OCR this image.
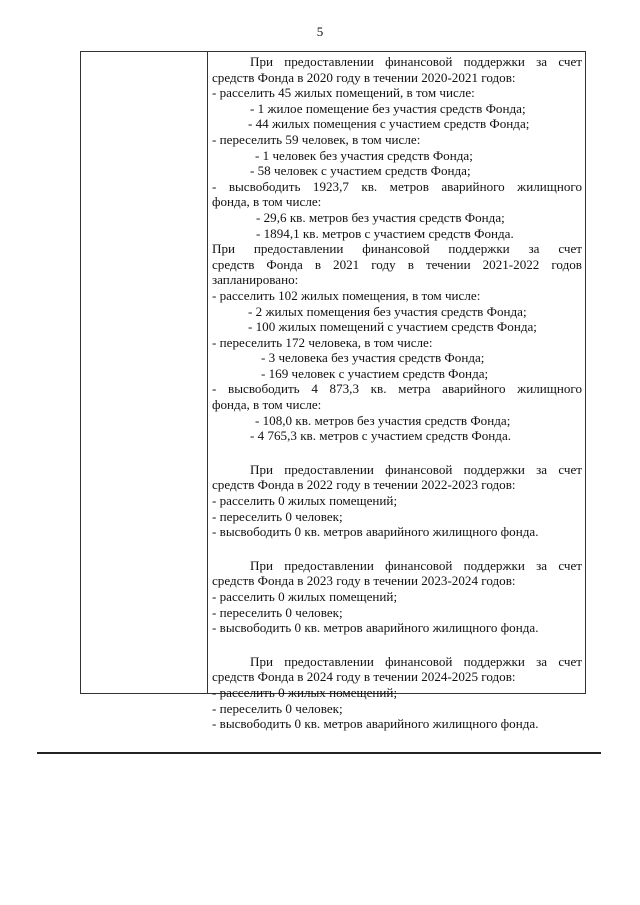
5
При предоставлении финансовой поддержки за счет
средств Фонда в 2020 году в течении 2020-2021 годов:
- расселить 45 жилых помещений, в том числе:
- 1 жилое помещение без участия средств Фонда;
- 44 жилых помещения с участием средств Фонда;
- переселить 59 человек, в том числе:
- 1 человек без участия средств Фонда;
- 58 человек с участием средств Фонда;
- высвободить 1923,7 кв. метров аварийного жилищного
фонда, в том числе:
- 29,6 кв. метров без участия средств Фонда;
- 1894,1 кв. метров с участием средств Фонда.
При предоставлении финансовой поддержки за счет
средств Фонда в 2021 году в течении 2021-2022 годов
запланировано:
- расселить 102 жилых помещения, в том числе:
- 2 жилых помещения без участия средств Фонда;
- 100 жилых помещений с участием средств Фонда;
- переселить 172 человека, в том числе:
- 3 человека без участия средств Фонда;
- 169 человек с участием средств Фонда;
- высвободить 4 873,3 кв. метра аварийного жилищного
фонда, в том числе:
- 108,0 кв. метров без участия средств Фонда;
- 4 765,3 кв. метров с участием средств Фонда.
При предоставлении финансовой поддержки за счет
средств Фонда в 2022 году в течении 2022-2023 годов:
- расселить 0 жилых помещений;
- переселить 0 человек;
- высвободить 0 кв. метров аварийного жилищного фонда.
При предоставлении финансовой поддержки за счет
средств Фонда в 2023 году в течении 2023-2024 годов:
- расселить 0 жилых помещений;
- переселить 0 человек;
- высвободить 0 кв. метров аварийного жилищного фонда.
При предоставлении финансовой поддержки за счет
средств Фонда в 2024 году в течении 2024-2025 годов:
- расселить 0 жилых помещений;
- переселить 0 человек;
- высвободить 0 кв. метров аварийного жилищного фонда.
